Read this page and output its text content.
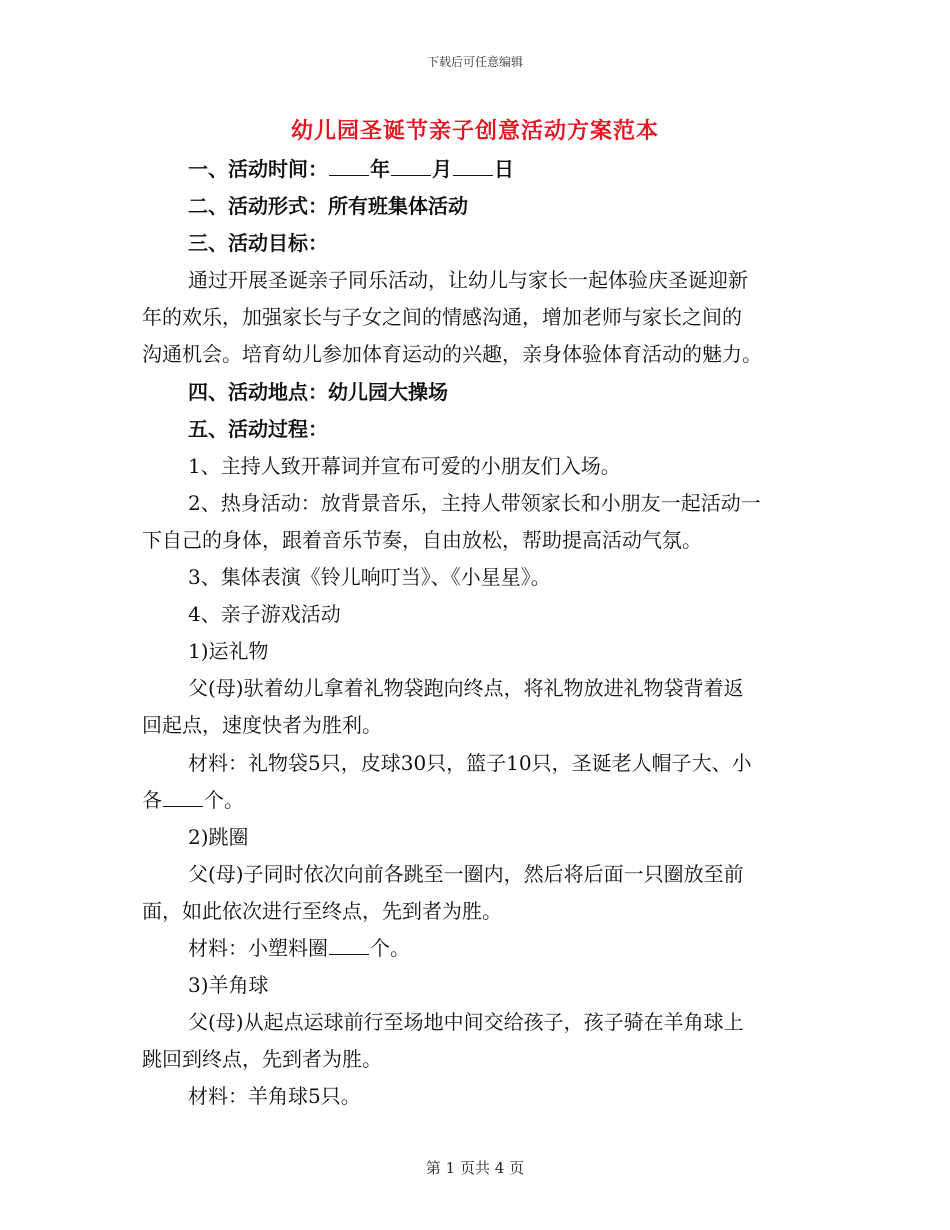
下载后可任意编辑
幼儿园圣诞节亲子创意活动方案范本
一、活动时间： 年 月 日
二、活动形式：所有班集体活动
三、活动目标：
通过开展圣诞亲子同乐活动，让幼儿与家长一起体验庆圣诞迎新
年的欢乐，加强家长与子女之间的情感沟通，增加老师与家长之间的
沟通机会。培育幼儿参加体育运动的兴趣，亲身体验体育活动的魅力。
四、活动地点：幼儿园大操场
五、活动过程：
1、主持人致开幕词并宣布可爱的小朋友们入场。
2、热身活动：放背景音乐，主持人带领家长和小朋友一起活动一
下自己的身体，跟着音乐节奏，自由放松，帮助提高活动气氛。
3、集体表演《铃儿响叮当》、《小星星》。
4、亲子游戏活动
1)运礼物
父(母)驮着幼儿拿着礼物袋跑向终点，将礼物放进礼物袋背着返
回起点，速度快者为胜利。
材料：礼物袋5只，皮球30只，篮子10只，圣诞老人帽子大、小
各 个。
2)跳圈
父(母)子同时依次向前各跳至一圈内，然后将后面一只圈放至前
面，如此依次进行至终点，先到者为胜。
材料：小塑料圈 个。
3)羊角球
父(母)从起点运球前行至场地中间交给孩子，孩子骑在羊角球上
跳回到终点，先到者为胜。
材料：羊角球5只。
第 1 页共 4 页
